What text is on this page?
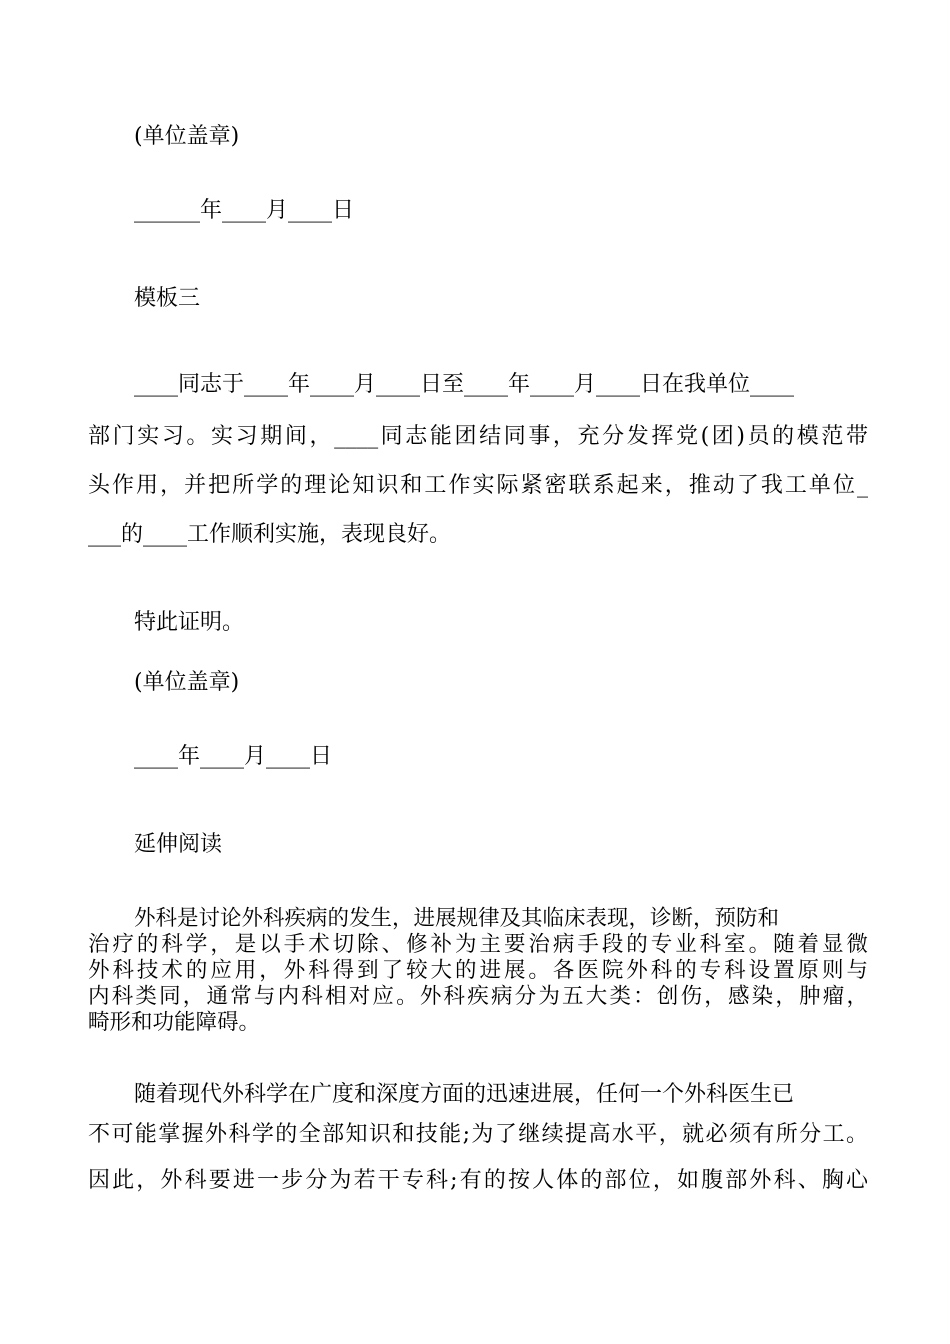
(单位盖章)

______年____月____日

模板三

____同志于____年____月____日至____年____月____日在我单位____

部门实习。实习期间，____同志能团结同事，充分发挥党(团)员的模范带

头作用，并把所学的理论知识和工作实际紧密联系起来，推动了我工单位_

___的____工作顺利实施，表现良好。

特此证明。

(单位盖章)

____年____月____日

延伸阅读

外科是讨论外科疾病的发生，进展规律及其临床表现，诊断，预防和

治疗的科学，是以手术切除、修补为主要治病手段的专业科室。随着显微

外科技术的应用，外科得到了较大的进展。各医院外科的专科设置原则与

内科类同，通常与内科相对应。外科疾病分为五大类：创伤，感染，肿瘤，

畸形和功能障碍。

随着现代外科学在广度和深度方面的迅速进展，任何一个外科医生已

不可能掌握外科学的全部知识和技能;为了继续提高水平，就必须有所分工。

因此，外科要进一步分为若干专科;有的按人体的部位，如腹部外科、胸心
